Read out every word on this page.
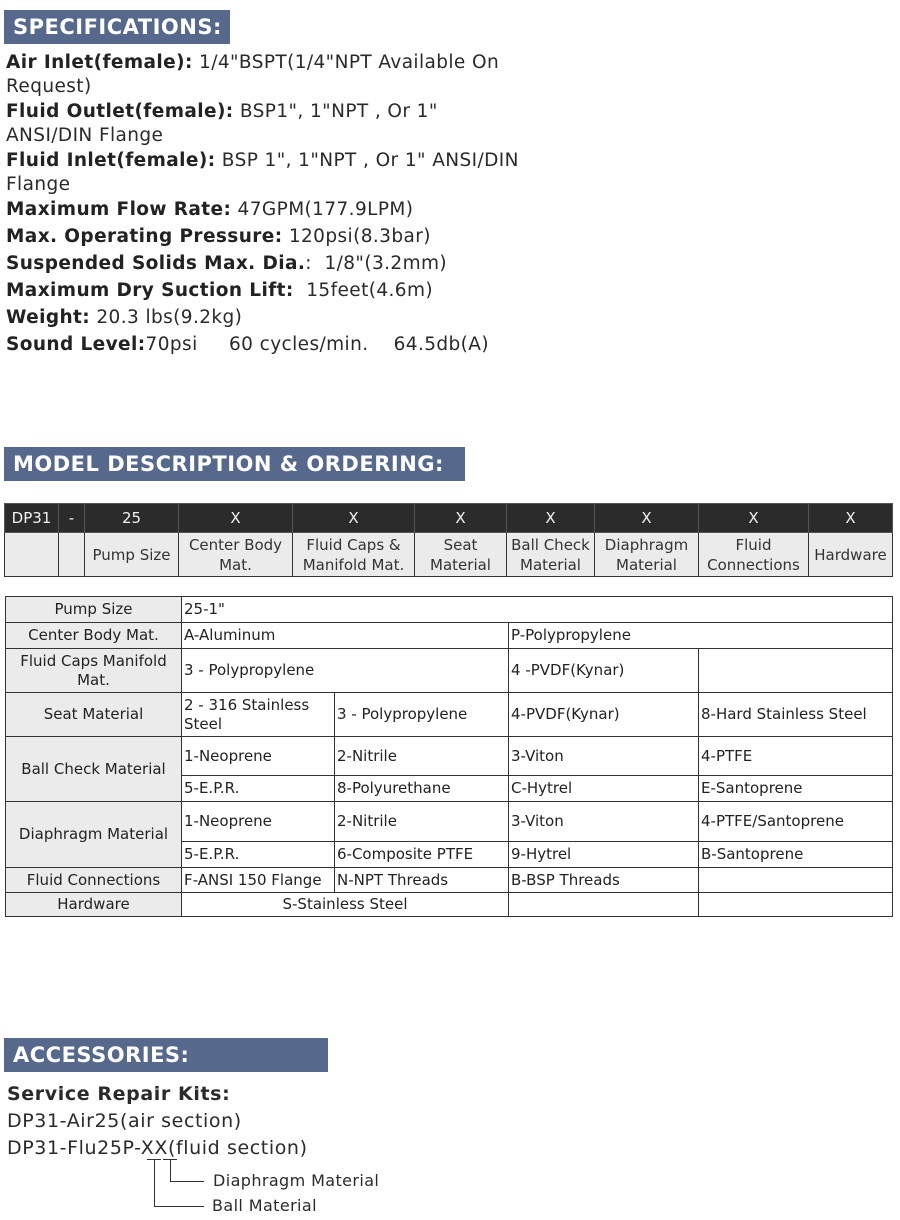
SPECIFICATIONS:
Air Inlet(female): 1/4"BSPT(1/4"NPT Available On Request)
Fluid Outlet(female): BSP1", 1"NPT , Or 1" ANSI/DIN Flange
Fluid Inlet(female): BSP 1", 1"NPT , Or 1" ANSI/DIN Flange
Maximum Flow Rate: 47GPM(177.9LPM)
Max. Operating Pressure: 120psi(8.3bar)
Suspended Solids Max. Dia.:  1/8"(3.2mm)
Maximum Dry Suction Lift:  15feet(4.6m)
Weight: 20.3 lbs(9.2kg)
Sound Level:70psi     60 cycles/min.    64.5db(A)
MODEL DESCRIPTION & ORDERING:
DP31	-	25	X	X	X	X	X	X	X
		Pump Size	Center Body Mat.	Fluid Caps & Manifold Mat.	Seat Material	Ball Check Material	Diaphragm Material	Fluid Connections	Hardware
Pump Size	25-1"			
Center Body Mat.	A-Aluminum		P-Polypropylene	
Fluid Caps Manifold Mat.	3 - Polypropylene		4 -PVDF(Kynar)	
Seat Material	2 - 316 Stainless Steel	3 - Polypropylene	4-PVDF(Kynar)	8-Hard Stainless Steel
Ball Check Material	1-Neoprene	2-Nitrile	3-Viton	4-PTFE
	5-E.P.R.	8-Polyurethane	C-Hytrel	E-Santoprene
Diaphragm Material	1-Neoprene	2-Nitrile	3-Viton	4-PTFE/Santoprene
	5-E.P.R.	6-Composite PTFE	9-Hytrel	B-Santoprene
Fluid Connections	F-ANSI 150 Flange	N-NPT Threads	B-BSP Threads	
Hardware	S-Stainless Steel			
ACCESSORIES:
Service Repair Kits:
DP31-Air25(air section)
DP31-Flu25P-XX(fluid section)
Diaphragm Material
Ball Material
